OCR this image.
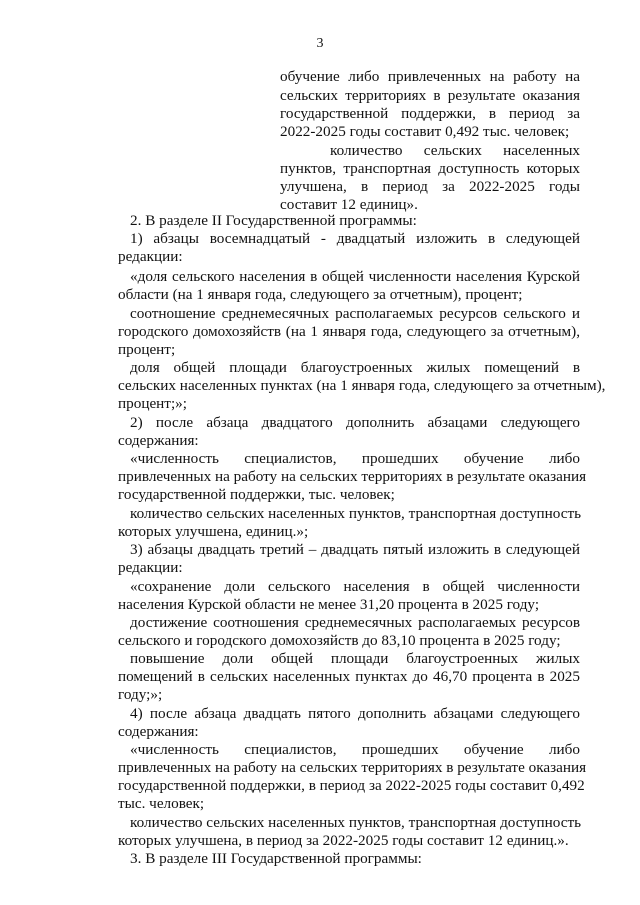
3
обучение либо привлеченных на работу на
сельских территориях в результате оказания
государственной поддержки, в период за
2022-2025 годы составит 0,492 тыс. человек;
количество сельских населенных
пунктов, транспортная доступность которых
улучшена, в период за 2022-2025 годы
составит 12 единиц».
2. В разделе II Государственной программы:
1) абзацы восемнадцатый - двадцатый изложить в следующей
редакции:
«доля сельского населения в общей численности населения Курской
области (на 1 января года, следующего за отчетным), процент;
соотношение среднемесячных располагаемых ресурсов сельского и
городского домохозяйств (на 1 января года, следующего за отчетным),
процент;
доля общей площади благоустроенных жилых помещений в
сельских населенных пунктах (на 1 января года, следующего за отчетным),
процент;»;
2) после абзаца двадцатого дополнить абзацами следующего
содержания:
«численность специалистов, прошедших обучение либо
привлеченных на работу на сельских территориях в результате оказания
государственной поддержки, тыс. человек;
количество сельских населенных пунктов, транспортная доступность
которых улучшена, единиц.»;
3) абзацы двадцать третий – двадцать пятый изложить в следующей
редакции:
«сохранение доли сельского населения в общей численности
населения Курской области не менее 31,20 процента в 2025 году;
достижение соотношения среднемесячных располагаемых ресурсов
сельского и городского домохозяйств до 83,10 процента в 2025 году;
повышение доли общей площади благоустроенных жилых
помещений в сельских населенных пунктах до 46,70 процента в 2025
году;»;
4) после абзаца двадцать пятого дополнить абзацами следующего
содержания:
«численность специалистов, прошедших обучение либо
привлеченных на работу на сельских территориях в результате оказания
государственной поддержки, в период за 2022-2025 годы составит 0,492
тыс. человек;
количество сельских населенных пунктов, транспортная доступность
которых улучшена, в период за 2022-2025 годы составит 12 единиц.».
3. В разделе III Государственной программы:
